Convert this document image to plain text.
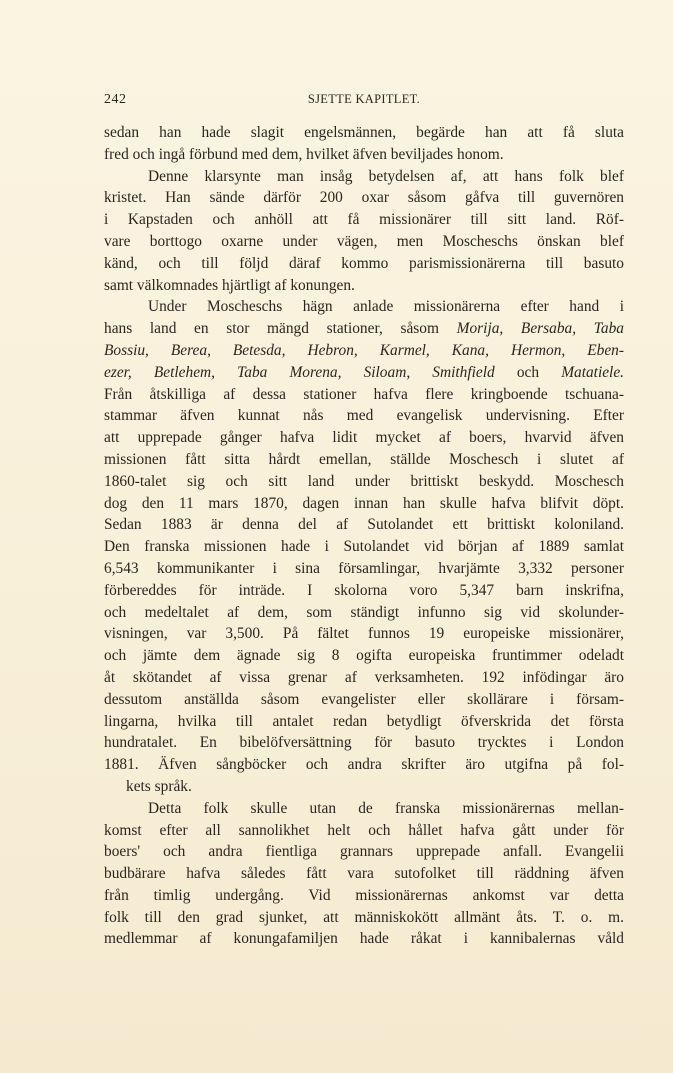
242	SJETTE KAPITLET.
sedan han hade slagit engelsmännen, begärde han att få sluta
fred och ingå förbund med dem, hvilket äfven beviljades honom.
Denne klarsynte man insåg betydelsen af, att hans folk blef
kristet. Han sände därför 200 oxar såsom gåfva till guvernören
i Kapstaden och anhöll att få missionärer till sitt land. Röf-
vare borttogo oxarne under vägen, men Moscheschs önskan blef
känd, och till följd däraf kommo parismissionärerna till basuto
samt välkomnades hjärtligt af konungen.
Under Moscheschs hägn anlade missionärerna efter hand i
hans land en stor mängd stationer, såsom Morija, Bersaba, Taba
Bossiu, Berea, Betesda, Hebron, Karmel, Kana, Hermon, Eben-
ezer, Betlehem, Taba Morena, Siloam, Smithfield och Matatiele.
Från åtskilliga af dessa stationer hafva flere kringboende tschuana-
stammar äfven kunnat nås med evangelisk undervisning. Efter
att upprepade gånger hafva lidit mycket af boers, hvarvid äfven
missionen fått sitta hårdt emellan, ställde Moschesch i slutet af
1860-talet sig och sitt land under brittiskt beskydd. Moschesch
dog den 11 mars 1870, dagen innan han skulle hafva blifvit döpt.
Sedan 1883 är denna del af Sutolandet ett brittiskt koloniland.
Den franska missionen hade i Sutolandet vid början af 1889 samlat
6,543 kommunikanter i sina församlingar, hvarjämte 3,332 personer
förbereddes för inträde. I skolorna voro 5,347 barn inskrifna,
och medeltalet af dem, som ständigt infunno sig vid skolunder-
visningen, var 3,500. På fältet funnos 19 europeiske missionärer,
och jämte dem ägnade sig 8 ogifta europeiska fruntimmer odeladt
åt skötandet af vissa grenar af verksamheten. 192 infödingar äro
dessutom anställda såsom evangelister eller skollärare i försam-
lingarna, hvilka till antalet redan betydligt öfverskrida det första
hundratalet. En bibelöfversättning för basuto trycktes i London
1881. Äfven sångböcker och andra skrifter äro utgifna på fol-
kets språk.
Detta folk skulle utan de franska missionärernas mellan-
komst efter all sannolikhet helt och hållet hafva gått under för
boers' och andra fientliga grannars upprepade anfall. Evangelii
budbärare hafva således fått vara sutofolket till räddning äfven
från timlig undergång. Vid missionärernas ankomst var detta
folk till den grad sjunket, att människokött allmänt åts. T. o. m.
medlemmar af konungafamiljen hade råkat i kannibalernas våld
